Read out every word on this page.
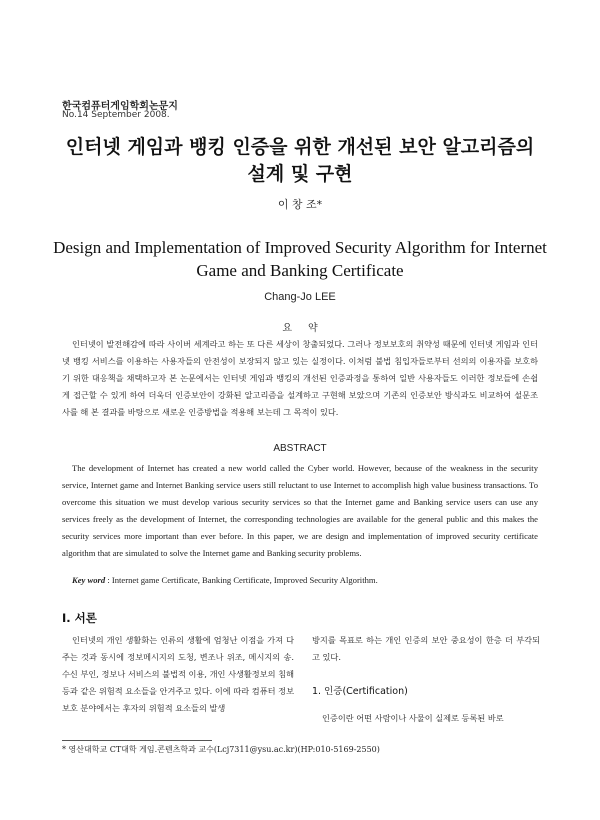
한국컴퓨터게임학회논문지
No.14 September 2008.
인터넷 게임과 뱅킹 인증을 위한 개선된 보안 알고리즘의 설계 및 구현
이 창 조*
Design and Implementation of Improved Security Algorithm for Internet Game and Banking Certificate
Chang-Jo LEE
요약
인터넷이 발전해감에 따라 사이버 세계라고 하는 또 다른 세상이 창출되었다. 그러나 정보보호의 취약성 때문에 인터넷 게임과 인터넷 뱅킹 서비스를 이용하는 사용자들의 안전성이 보장되지 않고 있는 실정이다. 이처럼 불법 침입자들로부터 선의의 이용자를 보호하기 위한 대응책을 채택하고자 본 논문에서는 인터넷 게임과 뱅킹의 개선된 인증과정을 통하여 일반 사용자들도 이러한 정보들에 손쉽게 접근할 수 있게 하여 더욱더 인증보안이 강화된 알고리즘을 설계하고 구현해 보았으며 기존의 인증보안 방식과도 비교하여 설문조사를 해 본 결과를 바탕으로 새로운 인증방법을 적용해 보는데 그 목적이 있다.
ABSTRACT
The development of Internet has created a new world called the Cyber world. However, because of the weakness in the security service, Internet game and Internet Banking service users still reluctant to use Internet to accomplish high value business transactions. To overcome this situation we must develop various security services so that the Internet game and Banking service users can use any services freely as the development of Internet, the corresponding technologies are available for the general public and this makes the security services more important than ever before. In this paper, we are design and implementation of improved security certificate algorithm that are simulated to solve the Internet game and Banking security problems.
Key word : Internet game Certificate, Banking Certificate, Improved Security Algorithm.
Ⅰ. 서론
인터넷의 개인 생활화는 인류의 생활에 엄청난 이점을 가져 다 주는 것과 동시에 정보메시지의 도청, 변조나 위조, 메시지의 송.수신 부인, 정보나 서비스의 불법적 이용, 개인 사생활정보의 침해 등과 같은 위험적 요소들을 안겨주고 있다. 이에 따라 컴퓨터 정보보호 분야에서는 후자의 위험적 요소들의 발생
방지를 목표로 하는 개인 인증의 보안 중요성이 한층 더 부각되고 있다.
1. 인증(Certification)
인증이란 어떤 사람이나 사물이 실제로 등록된 바로
* 영산대학교 CT대학 게임.콘텐츠학과 교수(Lcj7311@ysu.ac.kr)(HP:010-5169-2550)
